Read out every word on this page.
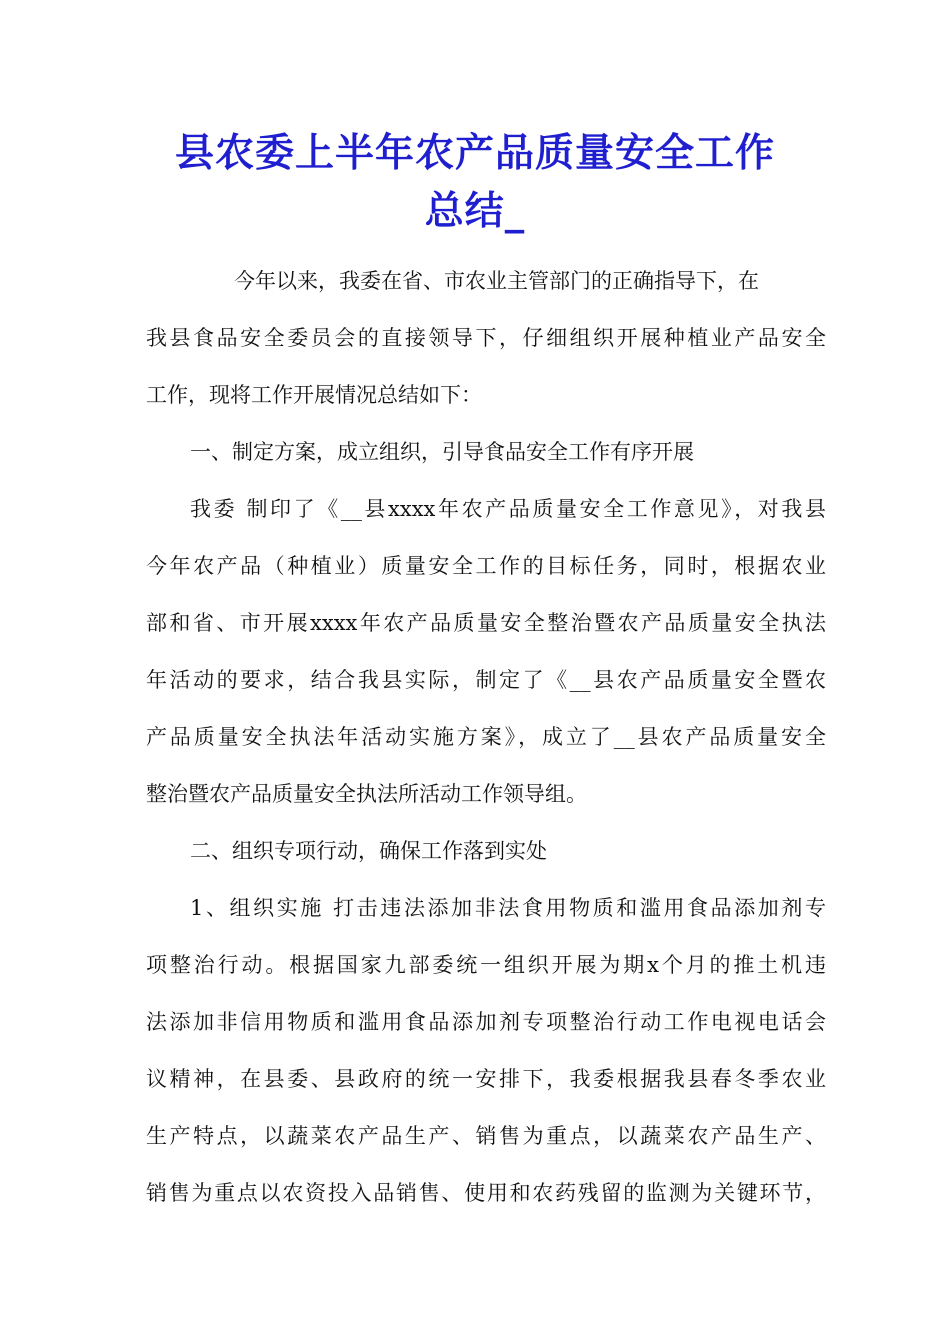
县农委上半年农产品质量安全工作
总结_
今年以来，我委在省、市农业主管部门的正确指导下，在
我县食品安全委员会的直接领导下，仔细组织开展种植业产品安全
工作，现将工作开展情况总结如下：
一、制定方案，成立组织，引导食品安全工作有序开展
我委 制印了《__县xxxx年农产品质量安全工作意见》，对我县
今年农产品（种植业）质量安全工作的目标任务，同时，根据农业
部和省、市开展xxxx年农产品质量安全整治暨农产品质量安全执法
年活动的要求，结合我县实际，制定了《__县农产品质量安全暨农
产品质量安全执法年活动实施方案》，成立了__县农产品质量安全
整治暨农产品质量安全执法所活动工作领导组。
二、组织专项行动，确保工作落到实处
1、组织实施 打击违法添加非法食用物质和滥用食品添加剂专
项整治行动。根据国家九部委统一组织开展为期x个月的推土机违
法添加非信用物质和滥用食品添加剂专项整治行动工作电视电话会
议精神，在县委、县政府的统一安排下，我委根据我县春冬季农业
生产特点，以蔬菜农产品生产、销售为重点，以蔬菜农产品生产、
销售为重点以农资投入品销售、使用和农药残留的监测为关键环节，
